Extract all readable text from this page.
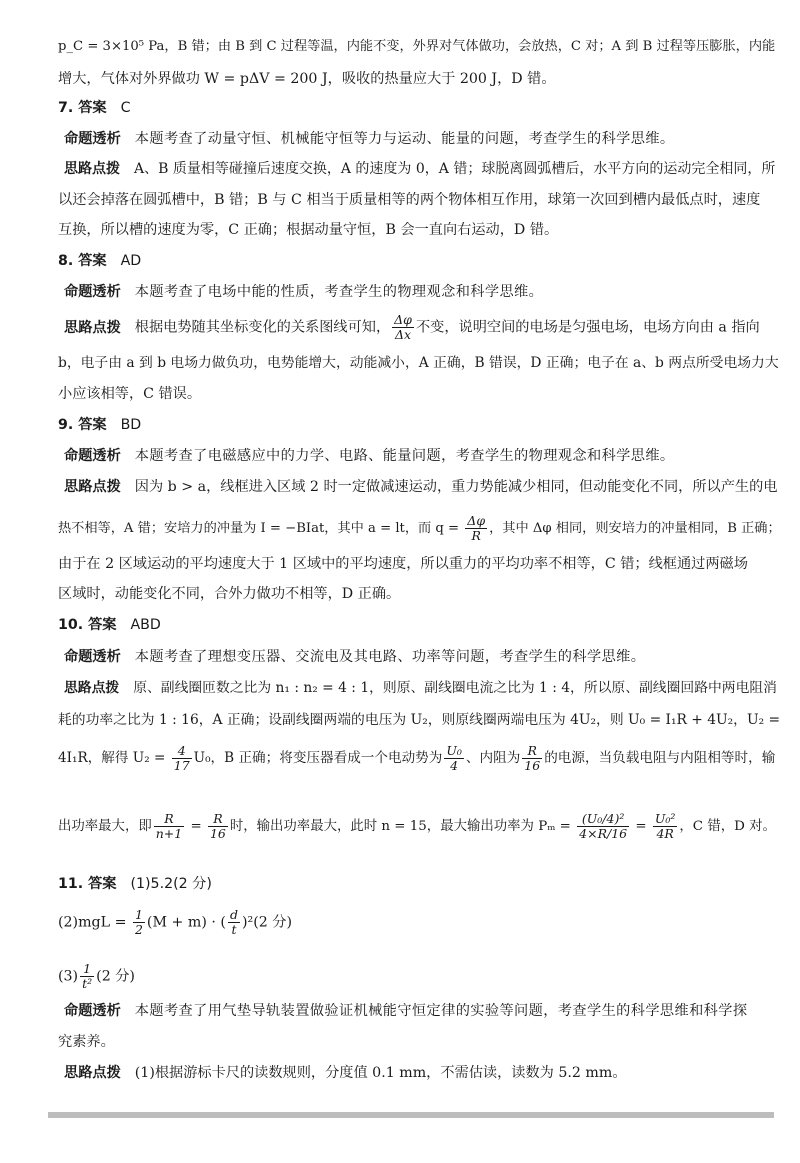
p_C = 3×10⁵ Pa，B 错；由 B 到 C 过程等温，内能不变，外界对气体做功，会放热，C 对；A 到 B 过程等压膨胀，内能
增大，气体对外界做功 W = pΔV = 200 J，吸收的热量应大于 200 J，D 错。
7. 答案 C
命题透析 本题考查了动量守恒、机械能守恒等力与运动、能量的问题，考查学生的科学思维。
思路点拨 A、B 质量相等碰撞后速度交换，A 的速度为 0，A 错；球脱离圆弧槽后，水平方向的运动完全相同，所
以还会掉落在圆弧槽中，B 错；B 与 C 相当于质量相等的两个物体相互作用，球第一次回到槽内最低点时，速度
互换，所以槽的速度为零，C 正确；根据动量守恒，B 会一直向右运动，D 错。
8. 答案 AD
命题透析 本题考查了电场中能的性质，考查学生的物理观念和科学思维。
思路点拨 根据电势随其坐标变化的关系图线可知， $\frac{\Delta\varphi}{\Delta x}$ 不变，说明空间的电场是匀强电场，电场方向由 a 指向
b，电子由 a 到 b 电场力做负功，电势能增大，动能减小，A 正确，B 错误，D 正确；电子在 a、b 两点所受电场力大
小应该相等，C 错误。
9. 答案 BD
命题透析 本题考查了电磁感应中的力学、电路、能量问题，考查学生的物理观念和科学思维。
思路点拨 因为 b > a，线框进入区域 2 时一定做减速运动，重力势能减少相同，但动能变化不同，所以产生的电
热不相等，A 错；安培力的冲量为 I = −BIat，其中 a = lt，而 $q = \frac{\Delta\varphi}{R}$ ，其中 Δφ 相同，则安培力的冲量相同，B 正确；
由于在 2 区域运动的平均速度大于 1 区域中的平均速度，所以重力的平均功率不相等，C 错；线框通过两磁场
区域时，动能变化不同，合外力做功不相等，D 正确。
10. 答案 ABD
命题透析 本题考查了理想变压器、交流电及其电路、功率等问题，考查学生的科学思维。
思路点拨 原、副线圈匝数之比为 n₁ : n₂ = 4 : 1，则原、副线圈电流之比为 1 : 4，所以原、副线圈回路中两电阻消
耗的功率之比为 1 : 16，A 正确；设副线圈两端的电压为 U₂，则原线圈两端电压为 4U₂，则 U₀ = I₁R + 4U₂，U₂ =
4I₁R，解得 $U_2 = \frac{4}{17} U_0$，B 正确；将变压器看成一个电动势为 $\frac{\text{U₀}}{4}$ 、内阻为 $\frac{R}{16}$ 的电源，当负载电阻与内阻相等时，输
出功率最大，即 $\frac{R}{n+1} = \frac{R}{16}$ 时，输出功率最大，此时 n = 15，最大输出功率为 $P_m = \frac{\text{(U₀/4)²}}{4\times R/16} = \frac{\text{U₀²}}{4R}$ ，C 错，D 对。
11. 答案 (1)5.2(2 分)
$(2)mgL = \frac{1}{2} (M + m)$ · ( $\frac{d}{t} )^2(2$ 分)
$(3) \frac{1}{\text{t²}} (2$ 分)
命题透析 本题考查了用气垫导轨装置做验证机械能守恒定律的实验等问题，考查学生的科学思维和科学探
究素养。
思路点拨 (1)根据游标卡尺的读数规则，分度值 0.1 mm，不需估读，读数为 5.2 mm。
